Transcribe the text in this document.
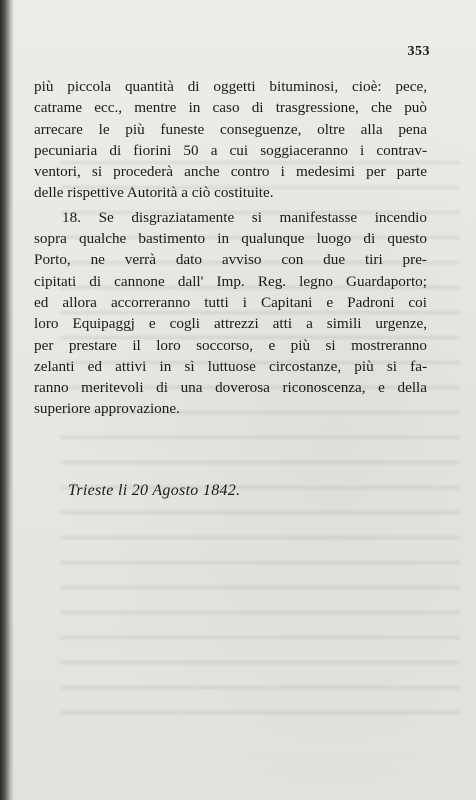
353
più piccola quantità di oggetti bituminosi, cioè: pece,
catrame ecc., mentre in caso di trasgressione, che può
arrecare le più funeste conseguenze, oltre alla pena
pecuniaria di fiorini 50 a cui soggiaceranno i contrav-
ventori, si procederà anche contro i medesimi per parte
delle rispettive Autorità a ciò costituite.
18. Se disgraziatamente si manifestasse incendio
sopra qualche bastimento in qualunque luogo di questo
Porto, ne verrà dato avviso con due tiri pre-
cipitati di cannone dall' Imp. Reg. legno Guardaporto;
ed allora accorreranno tutti i Capitani e Padroni coi
loro Equipaggj e cogli attrezzi atti a simili urgenze,
per prestare il loro soccorso, e più si mostreranno
zelanti ed attivi in sì luttuose circostanze, più si fa-
ranno meritevoli di una doverosa riconoscenza, e della
superiore approvazione.
Trieste li 20 Agosto 1842.
